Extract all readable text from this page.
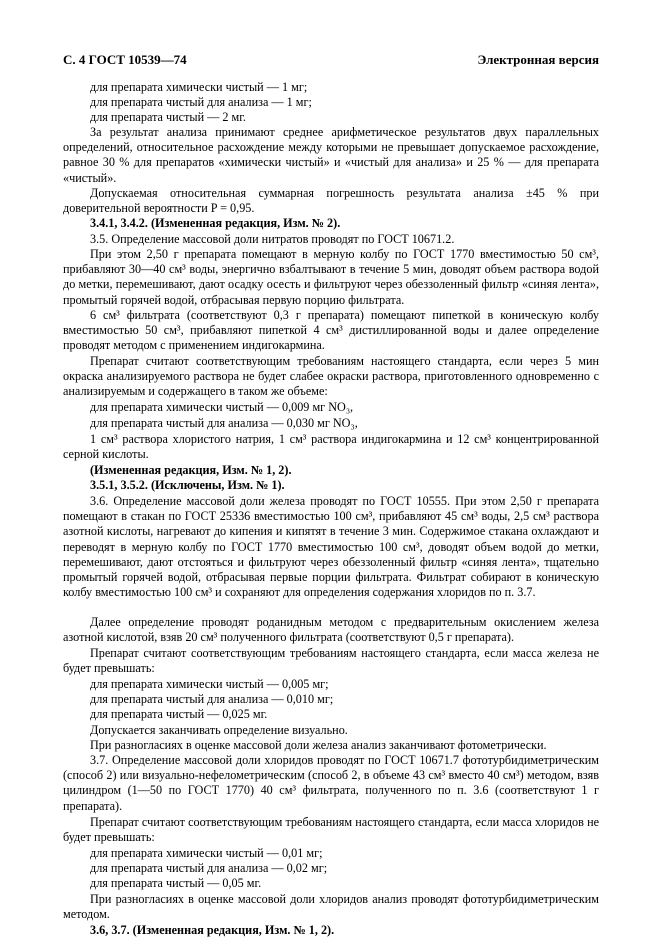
С. 4 ГОСТ 10539—74	Электронная версия
для препарата химически чистый — 1 мг;
для препарата чистый для анализа — 1 мг;
для препарата чистый — 2 мг.
За результат анализа принимают среднее арифметическое результатов двух параллельных определений, относительное расхождение между которыми не превышает допускаемое расхождение, равное 30 % для препаратов «химически чистый» и «чистый для анализа» и 25 % — для препарата «чистый».
Допускаемая относительная суммарная погрешность результата анализа ±45 % при доверительной вероятности P = 0,95.
3.4.1, 3.4.2. (Измененная редакция, Изм. № 2).
3.5. Определение массовой доли нитратов проводят по ГОСТ 10671.2.
При этом 2,50 г препарата помещают в мерную колбу по ГОСТ 1770 вместимостью 50 см³, прибавляют 30—40 см³ воды, энергично взбалтывают в течение 5 мин, доводят объем раствора водой до метки, перемешивают, дают осадку осесть и фильтруют через обеззоленный фильтр «синяя лента», промытый горячей водой, отбрасывая первую порцию фильтрата.
6 см³ фильтрата (соответствуют 0,3 г препарата) помещают пипеткой в коническую колбу вместимостью 50 см³, прибавляют пипеткой 4 см³ дистиллированной воды и далее определение проводят методом с применением индигокармина.
Препарат считают соответствующим требованиям настоящего стандарта, если через 5 мин окраска анализируемого раствора не будет слабее окраски раствора, приготовленного одновременно с анализируемым и содержащего в таком же объеме:
для препарата химически чистый — 0,009 мг NO₃,
для препарата чистый для анализа — 0,030 мг NO₃,
1 см³ раствора хлористого натрия, 1 см³ раствора индигокармина и 12 см³ концентрированной серной кислоты.
(Измененная редакция, Изм. № 1, 2).
3.5.1, 3.5.2. (Исключены, Изм. № 1).
3.6. Определение массовой доли железа проводят по ГОСТ 10555. При этом 2,50 г препарата помещают в стакан по ГОСТ 25336 вместимостью 100 см³, прибавляют 45 см³ воды, 2,5 см³ раствора азотной кислоты, нагревают до кипения и кипятят в течение 3 мин. Содержимое стакана охлаждают и переводят в мерную колбу по ГОСТ 1770 вместимостью 100 см³, доводят объем водой до метки, перемешивают, дают отстояться и фильтруют через обеззоленный фильтр «синяя лента», тщательно промытый горячей водой, отбрасывая первые порции фильтрата. Фильтрат собирают в коническую колбу вместимостью 100 см³ и сохраняют для определения содержания хлоридов по п. 3.7.
Далее определение проводят роданидным методом с предварительным окислением железа азотной кислотой, взяв 20 см³ полученного фильтрата (соответствуют 0,5 г препарата).
Препарат считают соответствующим требованиям настоящего стандарта, если масса железа не будет превышать:
для препарата химически чистый — 0,005 мг;
для препарата чистый для анализа — 0,010 мг;
для препарата чистый — 0,025 мг.
Допускается заканчивать определение визуально.
При разногласиях в оценке массовой доли железа анализ заканчивают фотометрически.
3.7. Определение массовой доли хлоридов проводят по ГОСТ 10671.7 фототурбидиметрическим (способ 2) или визуально-нефелометрическим (способ 2, в объеме 43 см³ вместо 40 см³) методом, взяв цилиндром (1—50 по ГОСТ 1770) 40 см³ фильтрата, полученного по п. 3.6 (соответствуют 1 г препарата).
Препарат считают соответствующим требованиям настоящего стандарта, если масса хлоридов не будет превышать:
для препарата химически чистый — 0,01 мг;
для препарата чистый для анализа — 0,02 мг;
для препарата чистый — 0,05 мг.
При разногласиях в оценке массовой доли хлоридов анализ проводят фототурбидиметрическим методом.
3.6, 3.7. (Измененная редакция, Изм. № 1, 2).
